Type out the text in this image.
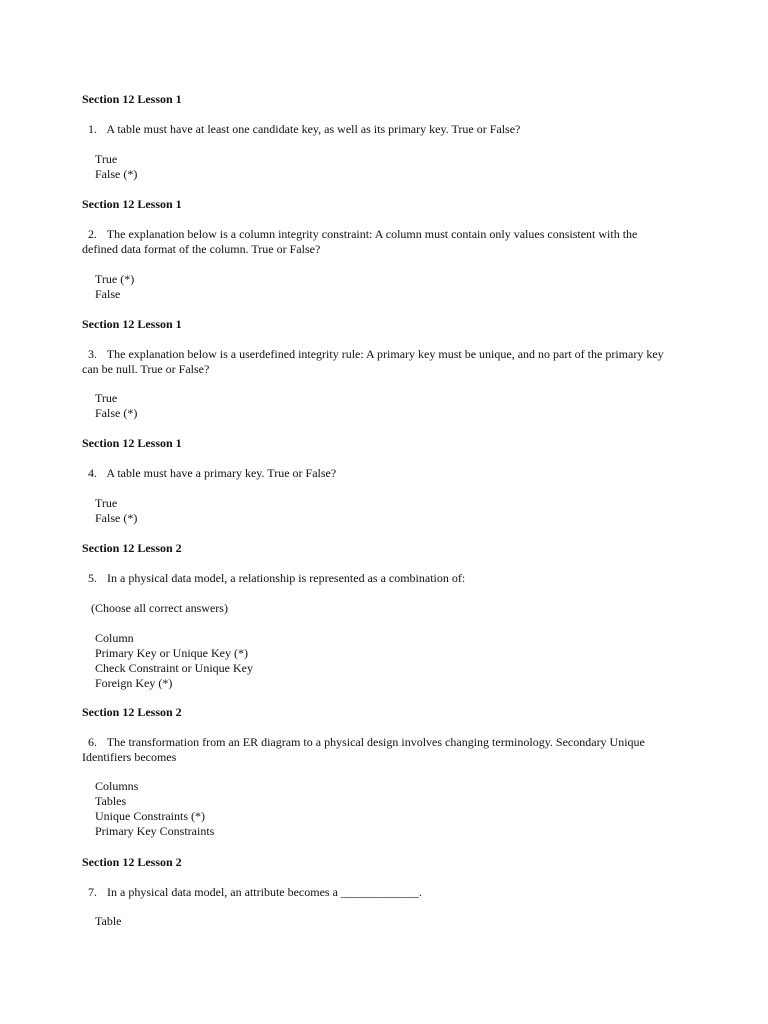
Section 12 Lesson 1
1. A table must have at least one candidate key, as well as its primary key. True or False?
True
False (*)
Section 12 Lesson 1
2. The explanation below is a column integrity constraint: A column must contain only values consistent with the defined data format of the column. True or False?
True (*)
False
Section 12 Lesson 1
3. The explanation below is a userdefined integrity rule: A primary key must be unique, and no part of the primary key can be null. True or False?
True
False (*)
Section 12 Lesson 1
4. A table must have a primary key. True or False?
True
False (*)
Section 12 Lesson 2
5. In a physical data model, a relationship is represented as a combination of:
(Choose all correct answers)
Column
Primary Key or Unique Key (*)
Check Constraint or Unique Key
Foreign Key (*)
Section 12 Lesson 2
6. The transformation from an ER diagram to a physical design involves changing terminology. Secondary Unique Identifiers becomes
Columns
Tables
Unique Constraints (*)
Primary Key Constraints
Section 12 Lesson 2
7. In a physical data model, an attribute becomes a _____________.
Table
